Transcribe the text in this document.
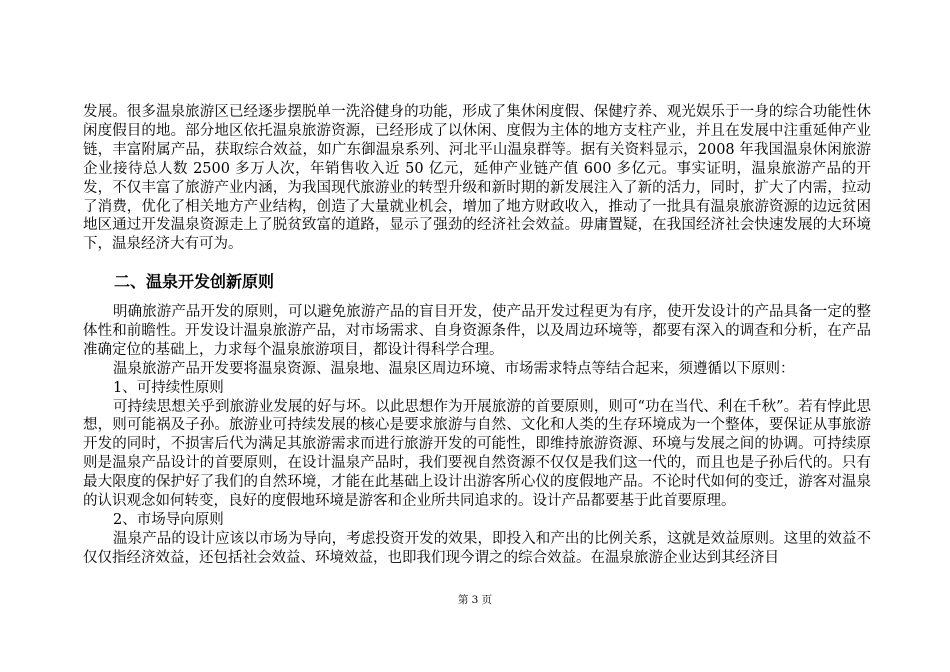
发展。很多温泉旅游区已经逐步摆脱单一洗浴健身的功能，形成了集休闲度假、保健疗养、观光娱乐于一身的综合功能性休闲度假目的地。部分地区依托温泉旅游资源，已经形成了以休闲、度假为主体的地方支柱产业，并且在发展中注重延伸产业链，丰富附属产品，获取综合效益，如广东御温泉系列、河北平山温泉群等。据有关资料显示，2008 年我国温泉休闲旅游企业接待总人数 2500 多万人次，年销售收入近 50 亿元，延伸产业链产值 600 多亿元。事实证明，温泉旅游产品的开发，不仅丰富了旅游产业内涵，为我国现代旅游业的转型升级和新时期的新发展注入了新的活力，同时，扩大了内需，拉动了消费，优化了相关地方产业结构，创造了大量就业机会，增加了地方财政收入，推动了一批具有温泉旅游资源的边远贫困地区通过开发温泉资源走上了脱贫致富的道路，显示了强劲的经济社会效益。毋庸置疑，在我国经济社会快速发展的大环境下，温泉经济大有可为。

二、温泉开发创新原则

明确旅游产品开发的原则，可以避免旅游产品的盲目开发，使产品开发过程更为有序，使开发设计的产品具备一定的整体性和前瞻性。开发设计温泉旅游产品，对市场需求、自身资源条件，以及周边环境等，都要有深入的调查和分析，在产品准确定位的基础上，力求每个温泉旅游项目，都设计得科学合理。

温泉旅游产品开发要将温泉资源、温泉地、温泉区周边环境、市场需求特点等结合起来，须遵循以下原则：

1、可持续性原则

可持续思想关乎到旅游业发展的好与坏。以此思想作为开展旅游的首要原则，则可“功在当代、利在千秋”。若有悖此思想，则可能祸及子孙。旅游业可持续发展的核心是要求旅游与自然、文化和人类的生存环境成为一个整体，要保证从事旅游开发的同时，不损害后代为满足其旅游需求而进行旅游开发的可能性，即维持旅游资源、环境与发展之间的协调。可持续原则是温泉产品设计的首要原则，在设计温泉产品时，我们要视自然资源不仅仅是我们这一代的，而且也是子孙后代的。只有最大限度的保护好了我们的自然环境，才能在此基础上设计出游客所心仪的度假地产品。不论时代如何的变迁，游客对温泉的认识观念如何转变，良好的度假地环境是游客和企业所共同追求的。设计产品都要基于此首要原理。

2、市场导向原则

温泉产品的设计应该以市场为导向，考虑投资开发的效果，即投入和产出的比例关系，这就是效益原则。这里的效益不仅仅指经济效益，还包括社会效益、环境效益，也即我们现今谓之的综合效益。在温泉旅游企业达到其经济目

第 3 页
